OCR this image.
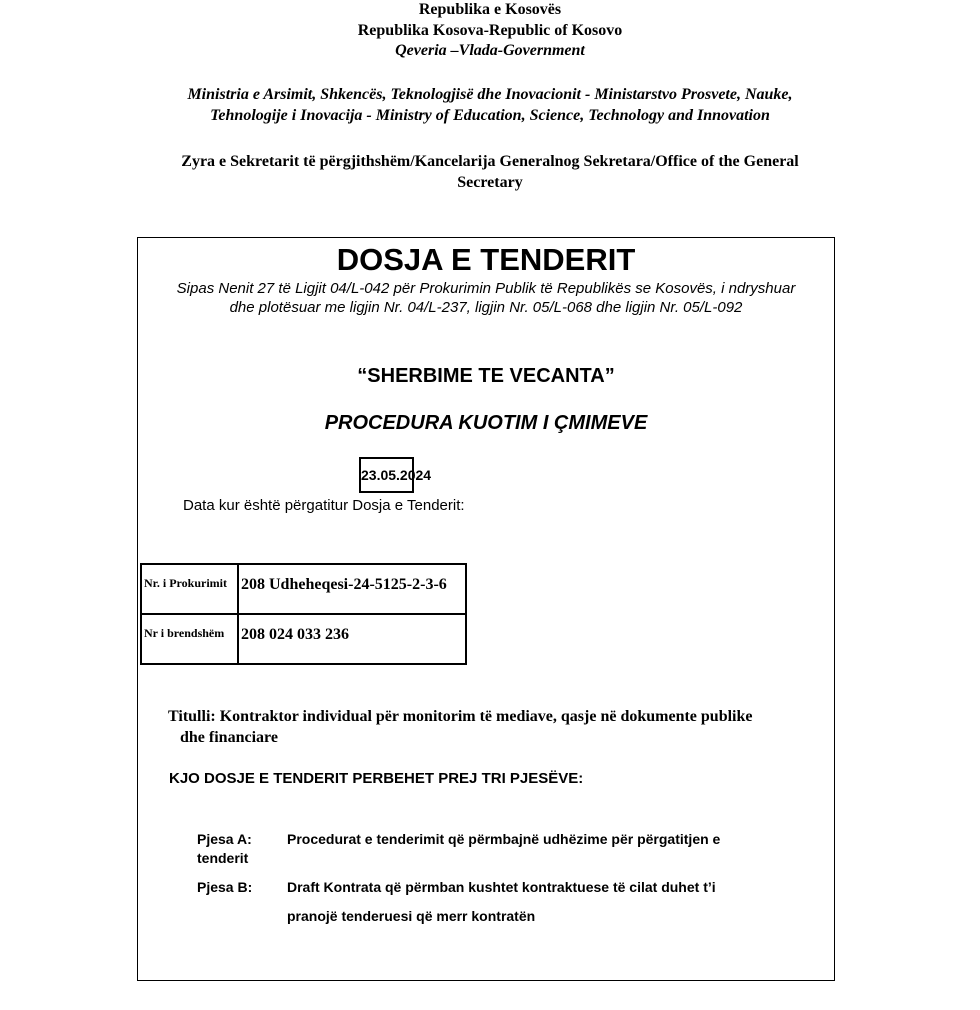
Republika e Kosovës
Republika Kosova-Republic of Kosovo
Qeveria –Vlada-Government
Ministria e Arsimit, Shkencës, Teknologjisë dhe Inovacionit - Ministarstvo Prosvete, Nauke,
Tehnologije i Inovacija - Ministry of Education, Science, Technology and Innovation
Zyra e Sekretarit të përgjithshëm/Kancelarija Generalnog Sekretara/Office of the General
Secretary
DOSJA E TENDERIT
Sipas Nenit 27 të Ligjit 04/L-042 për Prokurimin Publik të Republikës se Kosovës, i ndryshuar
dhe plotësuar me ligjin Nr. 04/L-237, ligjin Nr. 05/L-068 dhe ligjin Nr. 05/L-092
“SHERBIME TE VECANTA”
PROCEDURA KUOTIM I ÇMIMEVE
23.05.2024
Data kur është përgatitur Dosja e Tenderit:
Nr. i Prokurimit	208 Udheheqesi-24-5125-2-3-6
Nr i brendshëm	208 024 033 236
Titulli: Kontraktor individual për monitorim të mediave, qasje në dokumente publike
dhe financiare
KJO DOSJE E TENDERIT PERBEHET PREJ TRI PJESËVE:
Pjesa A:	Procedurat e tenderimit që përmbajnë udhëzime për përgatitjen e
tenderit
Pjesa B: Draft Kontrata që përmban kushtet kontraktuese të cilat duhet t’i
pranojë tenderuesi që merr kontratën
